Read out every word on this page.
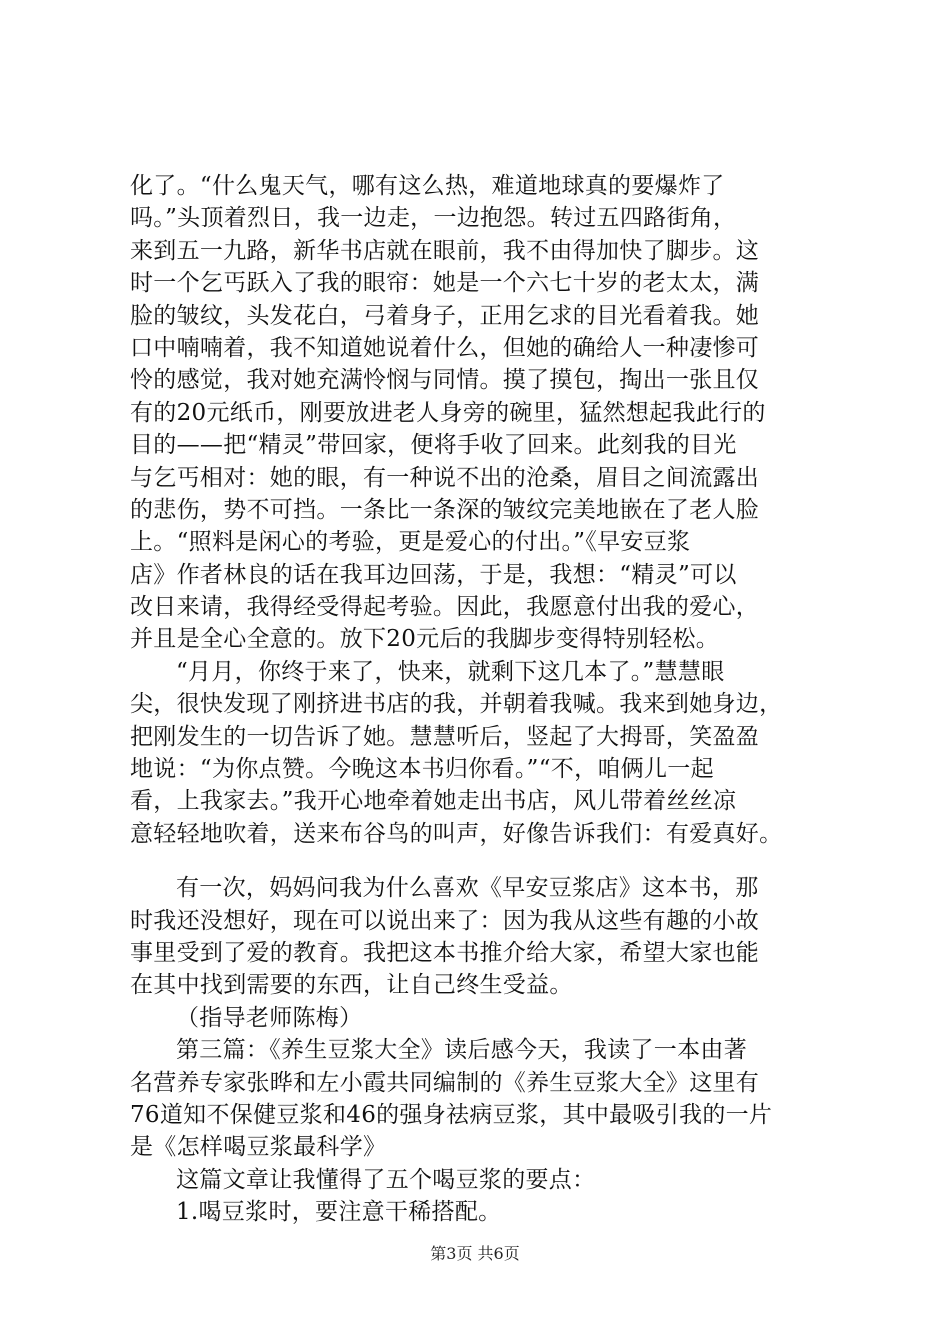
化了。“什么鬼天气，哪有这么热，难道地球真的要爆炸了
吗。”头顶着烈日，我一边走，一边抱怨。转过五四路街角，
来到五一九路，新华书店就在眼前，我不由得加快了脚步。这
时一个乞丐跃入了我的眼帘：她是一个六七十岁的老太太，满
脸的皱纹，头发花白，弓着身子，正用乞求的目光看着我。她
口中喃喃着，我不知道她说着什么，但她的确给人一种凄惨可
怜的感觉，我对她充满怜悯与同情。摸了摸包，掏出一张且仅
有的20元纸币，刚要放进老人身旁的碗里，猛然想起我此行的
目的——把“精灵”带回家，便将手收了回来。此刻我的目光
与乞丐相对：她的眼，有一种说不出的沧桑，眉目之间流露出
的悲伤，势不可挡。一条比一条深的皱纹完美地嵌在了老人脸
上。“照料是闲心的考验，更是爱心的付出。”《早安豆浆
店》作者林良的话在我耳边回荡，于是，我想：“精灵”可以
改日来请，我得经受得起考验。因此，我愿意付出我的爱心，
并且是全心全意的。放下20元后的我脚步变得特别轻松。
“月月，你终于来了，快来，就剩下这几本了。”慧慧眼
尖，很快发现了刚挤进书店的我，并朝着我喊。我来到她身边，
把刚发生的一切告诉了她。慧慧听后，竖起了大拇哥，笑盈盈
地说：“为你点赞。今晚这本书归你看。”“不，咱俩儿一起
看，上我家去。”我开心地牵着她走出书店，风儿带着丝丝凉
意轻轻地吹着，送来布谷鸟的叫声，好像告诉我们：有爱真好。
有一次，妈妈问我为什么喜欢《早安豆浆店》这本书，那
时我还没想好，现在可以说出来了：因为我从这些有趣的小故
事里受到了爱的教育。我把这本书推介给大家，希望大家也能
在其中找到需要的东西，让自己终生受益。
（指导老师陈梅）
第三篇：《养生豆浆大全》读后感今天，我读了一本由著
名营养专家张晔和左小霞共同编制的《养生豆浆大全》这里有
76道知不保健豆浆和46的强身祛病豆浆，其中最吸引我的一片
是《怎样喝豆浆最科学》
这篇文章让我懂得了五个喝豆浆的要点：
1.喝豆浆时，要注意干稀搭配。
第3页 共6页
